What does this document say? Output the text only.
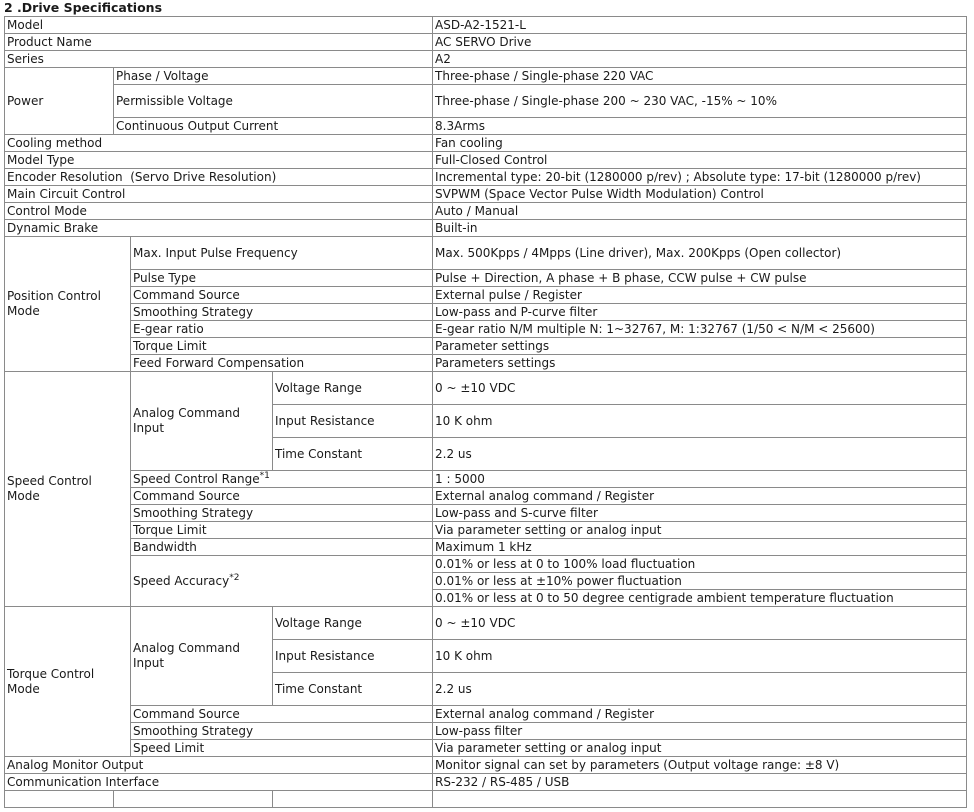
2 .Drive Specifications
Model				ASD-A2-1521-L
Product Name				AC SERVO Drive
Series				A2
Power	Phase / Voltage			Three-phase / Single-phase 220 VAC
	Permissible Voltage			Three-phase / Single-phase 200 ~ 230 VAC, -15% ~ 10%
	Continuous Output Current			8.3Arms
Cooling method				Fan cooling
Model Type				Full-Closed Control
Encoder Resolution  (Servo Drive Resolution)				Incremental type: 20-bit (1280000 p/rev) ; Absolute type: 17-bit (1280000 p/rev)
Main Circuit Control				SVPWM (Space Vector Pulse Width Modulation) Control
Control Mode				Auto / Manual
Dynamic Brake				Built-in
Position Control Mode		Max. Input Pulse Frequency		Max. 500Kpps / 4Mpps (Line driver), Max. 200Kpps (Open collector)
		Pulse Type		Pulse + Direction, A phase + B phase, CCW pulse + CW pulse
		Command Source		External pulse / Register
		Smoothing Strategy		Low-pass and P-curve filter
		E-gear ratio		E-gear ratio N/M multiple N: 1~32767, M: 1:32767 (1/50 < N/M < 25600)
		Torque Limit		Parameter settings
		Feed Forward Compensation		Parameters settings
Speed Control Mode		Analog Command Input	Voltage Range	0 ~ ±10 VDC
			Input Resistance	10 K ohm
			Time Constant	2.2 us
		Speed Control Range$^{*1}$		1 : 5000
		Command Source		External analog command / Register
		Smoothing Strategy		Low-pass and S-curve filter
		Torque Limit		Via parameter setting or analog input
		Bandwidth		Maximum 1 kHz
		Speed Accuracy$^{*2}$		0.01% or less at 0 to 100% load fluctuation
				0.01% or less at ±10% power fluctuation
				0.01% or less at 0 to 50 degree centigrade ambient temperature fluctuation
Torque Control Mode		Analog Command Input	Voltage Range	0 ~ ±10 VDC
			Input Resistance	10 K ohm
			Time Constant	2.2 us
		Command Source		External analog command / Register
		Smoothing Strategy		Low-pass filter
		Speed Limit		Via parameter setting or analog input
Analog Monitor Output				Monitor signal can set by parameters (Output voltage range: ±8 V)
Communication Interface				RS-232 / RS-485 / USB
